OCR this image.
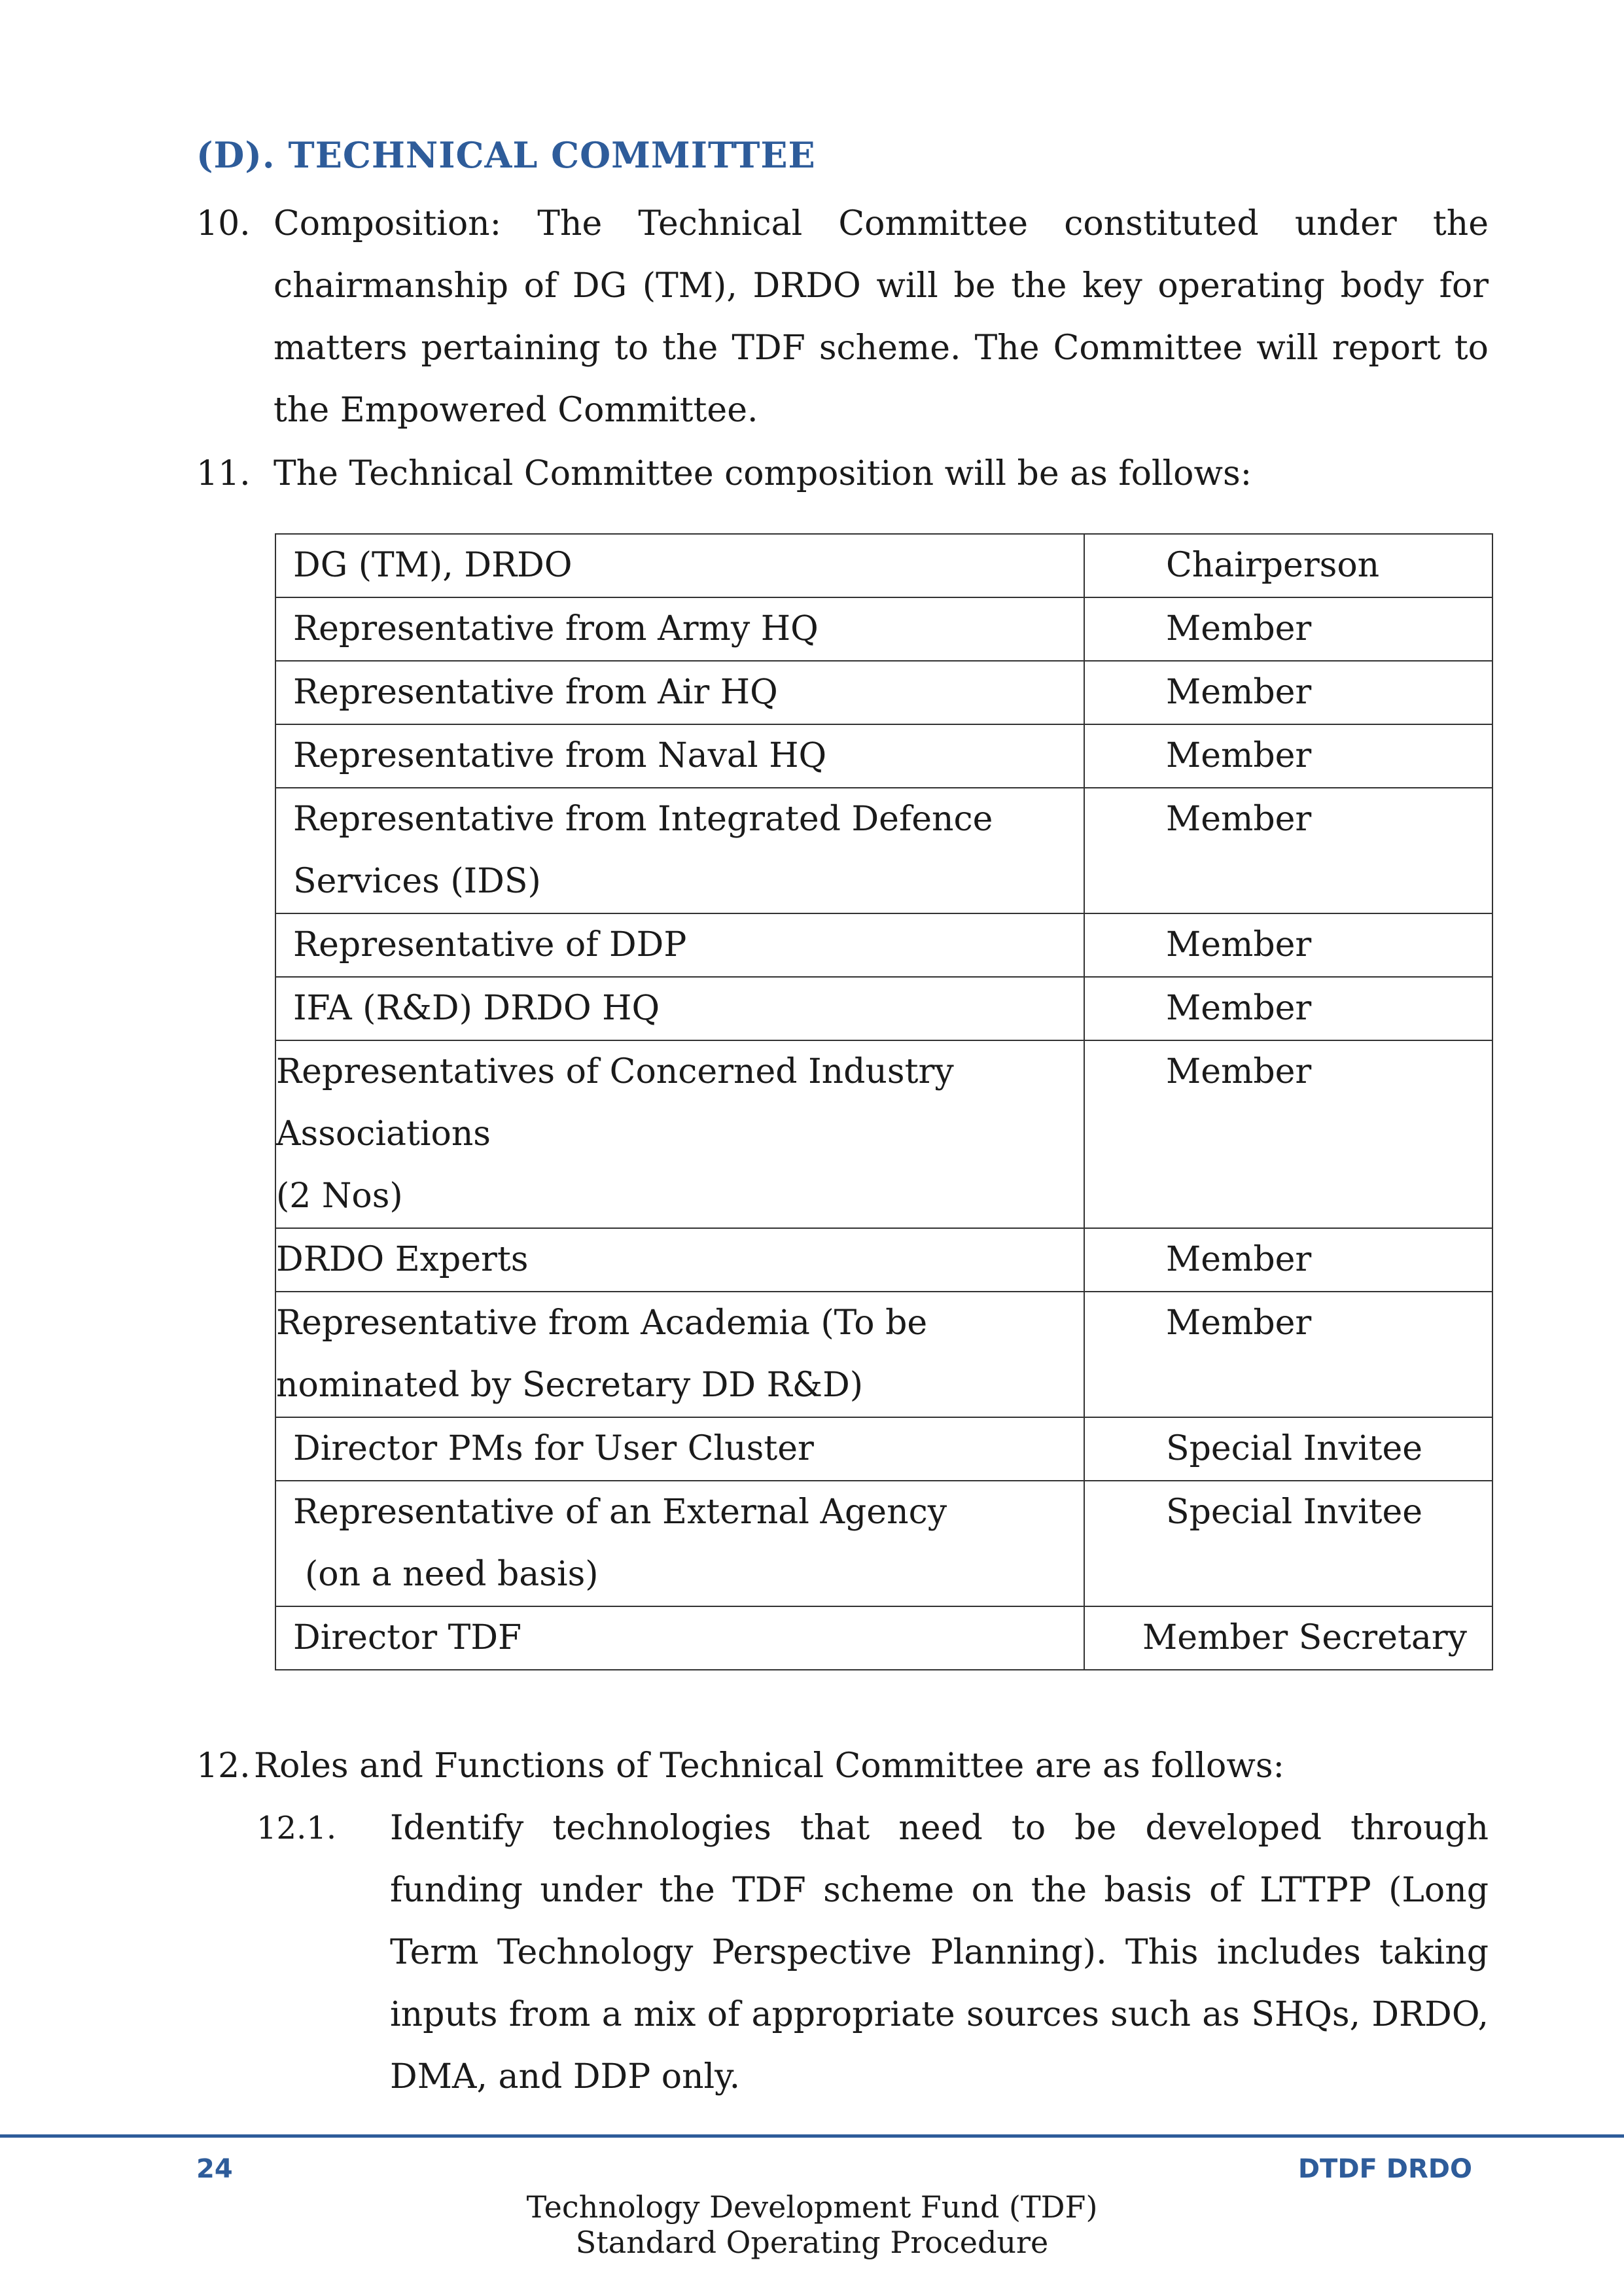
(D). TECHNICAL COMMITTEE
10. Composition: The Technical Committee constituted under the chairmanship of DG (TM), DRDO will be the key operating body for matters pertaining to the TDF scheme. The Committee will report to the Empowered Committee.
11. The Technical Committee composition will be as follows:
DG (TM), DRDO	Chairperson

Representative from Army HQ	Member

Representative from Air HQ	Member

Representative from Naval HQ	Member

Representative from Integrated Defence
Services (IDS)	Member

Representative of DDP	Member

IFA (R&D) DRDO HQ	Member

Representatives of Concerned Industry
Associations
(2 Nos)	Member

DRDO Experts	Member

Representative from Academia (To be
nominated by Secretary DD R&D)	Member

Director PMs for User Cluster	Special Invitee

Representative of an External Agency
(on a need basis)	Special Invitee

Director TDF	Member Secretary
12. Roles and Functions of Technical Committee are as follows:
12.1. Identify technologies that need to be developed through funding under the TDF scheme on the basis of LTTPP (Long Term Technology Perspective Planning). This includes taking inputs from a mix of appropriate sources such as SHQs, DRDO, DMA, and DDP only.
24	DTDF DRDO
Technology Development Fund (TDF)
Standard Operating Procedure
